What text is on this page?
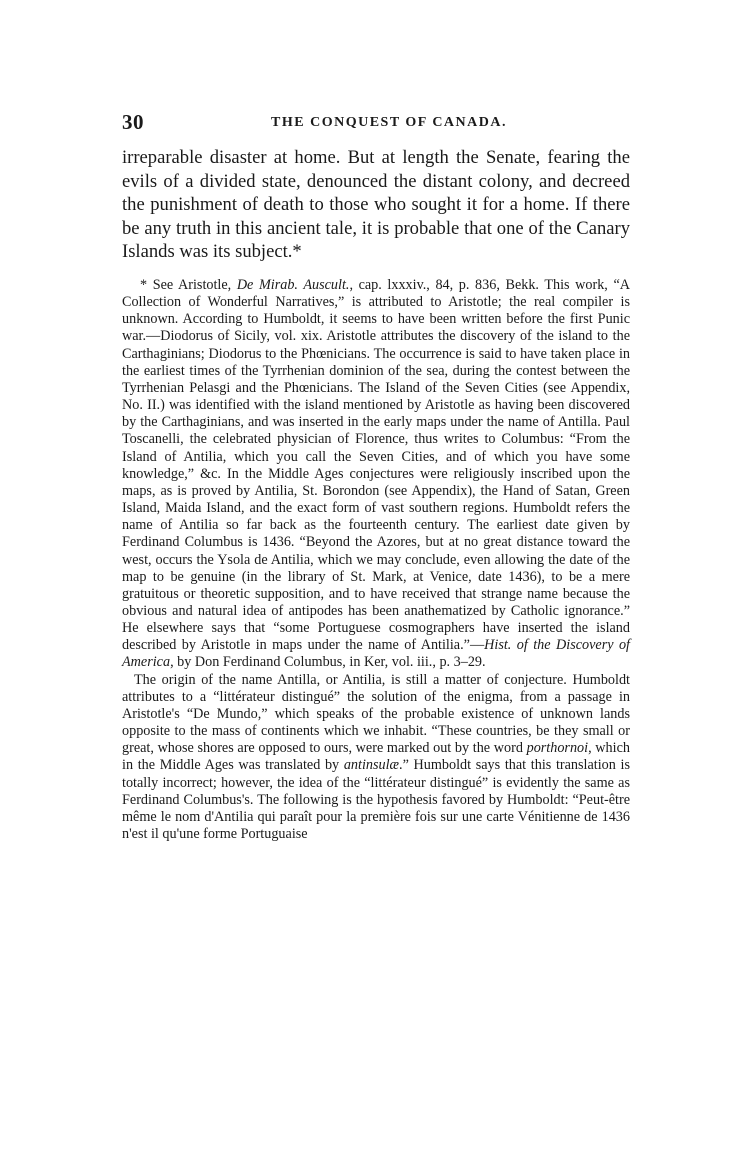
30	THE CONQUEST OF CANADA.

irreparable disaster at home. But at length the Senate, fearing the evils of a divided state, denounced the distant colony, and decreed the punishment of death to those who sought it for a home. If there be any truth in this ancient tale, it is probable that one of the Canary Islands was its subject.*

* See Aristotle, De Mirab. Auscult., cap. lxxxiv., 84, p. 836, Bekk. This work, “A Collection of Wonderful Narratives,” is attributed to Aristotle; the real compiler is unknown. According to Humboldt, it seems to have been written before the first Punic war.—Diodorus of Sicily, vol. xix. Aristotle attributes the discovery of the island to the Carthaginians; Diodorus to the Phœnicians. The occurrence is said to have taken place in the earliest times of the Tyrrhenian dominion of the sea, during the contest between the Tyrrhenian Pelasgi and the Phœnicians. The Island of the Seven Cities (see Appendix, No. II.) was identified with the island mentioned by Aristotle as having been discovered by the Carthaginians, and was inserted in the early maps under the name of Antilla. Paul Toscanelli, the celebrated physician of Florence, thus writes to Columbus: “From the Island of Antilia, which you call the Seven Cities, and of which you have some knowledge,” &c. In the Middle Ages conjectures were religiously inscribed upon the maps, as is proved by Antilia, St. Borondon (see Appendix), the Hand of Satan, Green Island, Maida Island, and the exact form of vast southern regions. Humboldt refers the name of Antilia so far back as the fourteenth century. The earliest date given by Ferdinand Columbus is 1436. “Beyond the Azores, but at no great distance toward the west, occurs the Ysola de Antilia, which we may conclude, even allowing the date of the map to be genuine (in the library of St. Mark, at Venice, date 1436), to be a mere gratuitous or theoretic supposition, and to have received that strange name because the obvious and natural idea of antipodes has been anathematized by Catholic ignorance.” He elsewhere says that “some Portuguese cosmographers have inserted the island described by Aristotle in maps under the name of Antilia.”—Hist. of the Discovery of America, by Don Ferdinand Columbus, in Ker, vol. iii., p. 3–29.

The origin of the name Antilla, or Antilia, is still a matter of conjecture. Humboldt attributes to a “littérateur distingué” the solution of the enigma, from a passage in Aristotle's “De Mundo,” which speaks of the probable existence of unknown lands opposite to the mass of continents which we inhabit. “These countries, be they small or great, whose shores are opposed to ours, were marked out by the word porthornoi, which in the Middle Ages was translated by antinsulæ.” Humboldt says that this translation is totally incorrect; however, the idea of the “littérateur distingué” is evidently the same as Ferdinand Columbus's. The following is the hypothesis favored by Humboldt: “Peut-être même le nom d'Antilia qui paraît pour la première fois sur une carte Vénitienne de 1436 n'est il qu'une forme Portuguaise
